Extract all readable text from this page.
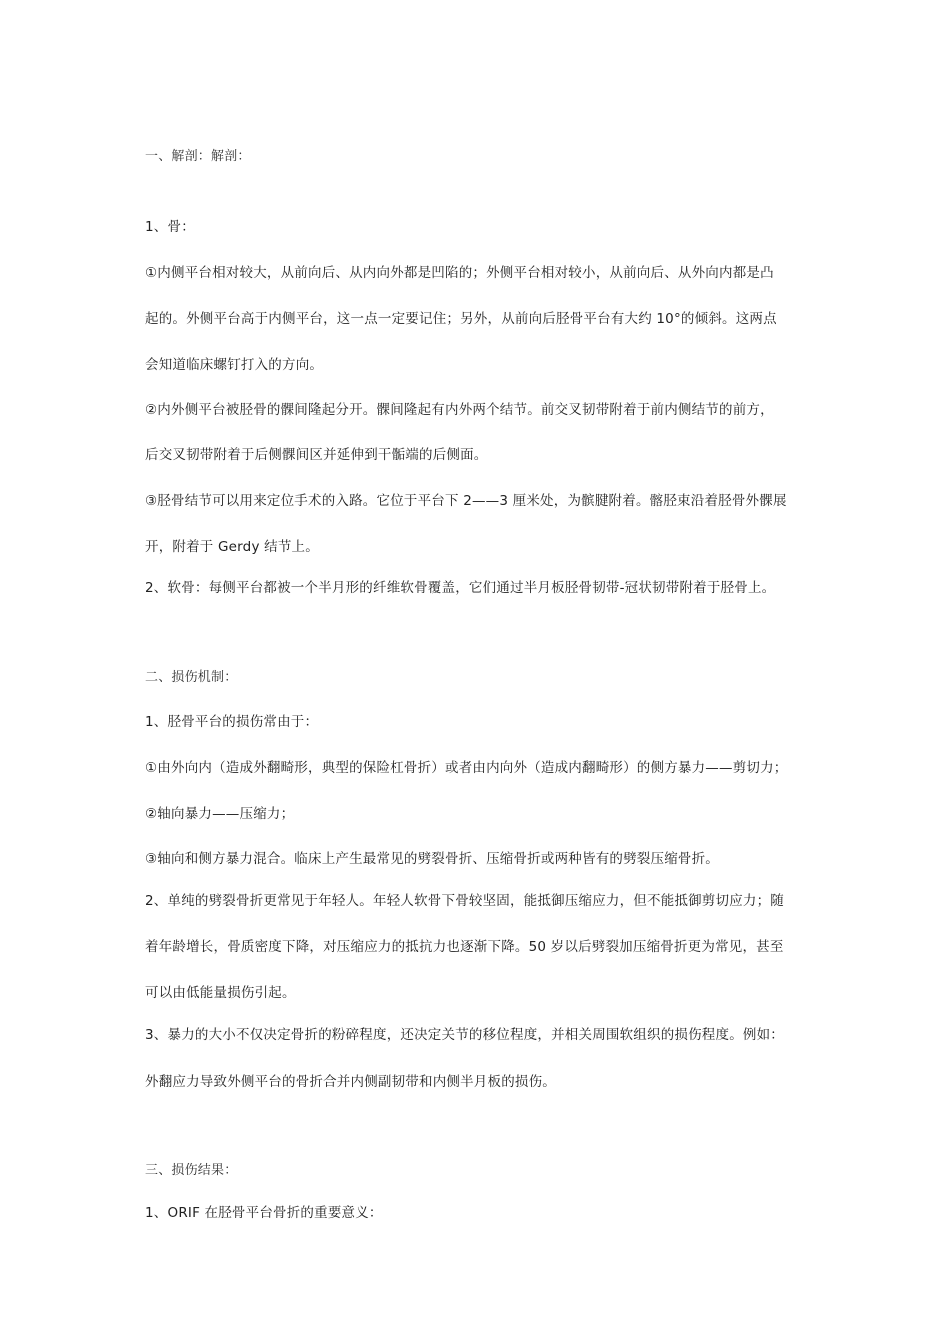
一、解剖：解剖：
1、骨：
①内侧平台相对较大，从前向后、从内向外都是凹陷的；外侧平台相对较小，从前向后、从外向内都是凸
起的。外侧平台高于内侧平台，这一点一定要记住；另外，从前向后胫骨平台有大约 10°的倾斜。这两点
会知道临床螺钉打入的方向。
②内外侧平台被胫骨的髁间隆起分开。髁间隆起有内外两个结节。前交叉韧带附着于前内侧结节的前方，
后交叉韧带附着于后侧髁间区并延伸到干骺端的后侧面。
③胫骨结节可以用来定位手术的入路。它位于平台下 2——3 厘米处，为髌腱附着。髂胫束沿着胫骨外髁展
开，附着于 Gerdy 结节上。
2、软骨：每侧平台都被一个半月形的纤维软骨覆盖，它们通过半月板胫骨韧带-冠状韧带附着于胫骨上。
二、损伤机制：
1、胫骨平台的损伤常由于：
①由外向内（造成外翻畸形，典型的保险杠骨折）或者由内向外（造成内翻畸形）的侧方暴力——剪切力；
②轴向暴力——压缩力；
③轴向和侧方暴力混合。临床上产生最常见的劈裂骨折、压缩骨折或两种皆有的劈裂压缩骨折。
2、单纯的劈裂骨折更常见于年轻人。年轻人软骨下骨较坚固，能抵御压缩应力，但不能抵御剪切应力；随
着年龄增长，骨质密度下降，对压缩应力的抵抗力也逐渐下降。50 岁以后劈裂加压缩骨折更为常见，甚至
可以由低能量损伤引起。
3、暴力的大小不仅决定骨折的粉碎程度，还决定关节的移位程度，并相关周围软组织的损伤程度。例如：
外翻应力导致外侧平台的骨折合并内侧副韧带和内侧半月板的损伤。
三、损伤结果：
1、ORIF 在胫骨平台骨折的重要意义：
